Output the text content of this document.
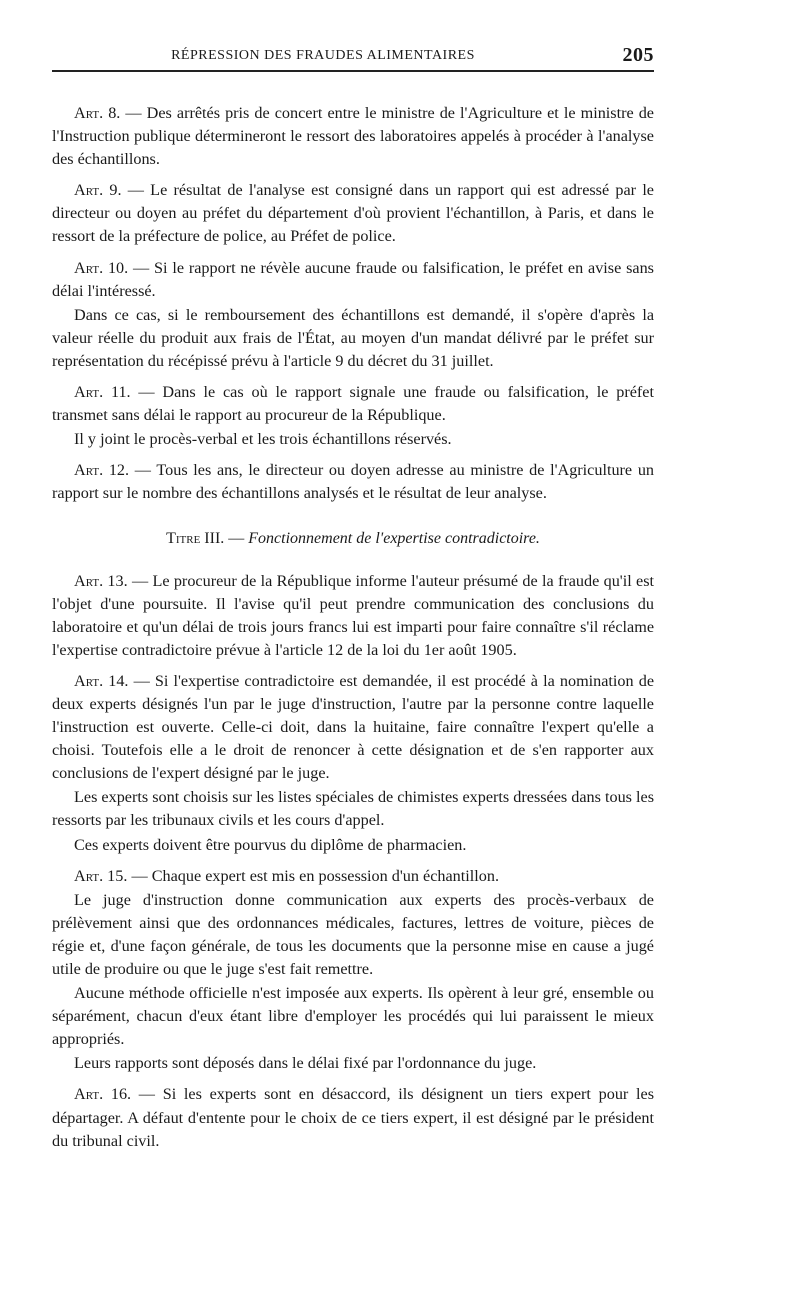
RÉPRESSION DES FRAUDES ALIMENTAIRES	205

Art. 8. — Des arrêtés pris de concert entre le ministre de l'Agriculture et le ministre de l'Instruction publique détermineront le ressort des laboratoires appelés à procéder à l'analyse des échantillons.

Art. 9. — Le résultat de l'analyse est consigné dans un rapport qui est adressé par le directeur ou doyen au préfet du département d'où provient l'échantillon, à Paris, et dans le ressort de la préfecture de police, au Préfet de police.

Art. 10. — Si le rapport ne révèle aucune fraude ou falsification, le préfet en avise sans délai l'intéressé.

Dans ce cas, si le remboursement des échantillons est demandé, il s'opère d'après la valeur réelle du produit aux frais de l'État, au moyen d'un mandat délivré par le préfet sur représentation du récépissé prévu à l'article 9 du décret du 31 juillet.

Art. 11. — Dans le cas où le rapport signale une fraude ou falsification, le préfet transmet sans délai le rapport au procureur de la République.

Il y joint le procès-verbal et les trois échantillons réservés.

Art. 12. — Tous les ans, le directeur ou doyen adresse au ministre de l'Agriculture un rapport sur le nombre des échantillons analysés et le résultat de leur analyse.

Titre III. — Fonctionnement de l'expertise contradictoire.

Art. 13. — Le procureur de la République informe l'auteur présumé de la fraude qu'il est l'objet d'une poursuite. Il l'avise qu'il peut prendre communication des conclusions du laboratoire et qu'un délai de trois jours francs lui est imparti pour faire connaître s'il réclame l'expertise contradictoire prévue à l'article 12 de la loi du 1er août 1905.

Art. 14. — Si l'expertise contradictoire est demandée, il est procédé à la nomination de deux experts désignés l'un par le juge d'instruction, l'autre par la personne contre laquelle l'instruction est ouverte. Celle-ci doit, dans la huitaine, faire connaître l'expert qu'elle a choisi. Toutefois elle a le droit de renoncer à cette désignation et de s'en rapporter aux conclusions de l'expert désigné par le juge.

Les experts sont choisis sur les listes spéciales de chimistes experts dressées dans tous les ressorts par les tribunaux civils et les cours d'appel.

Ces experts doivent être pourvus du diplôme de pharmacien.

Art. 15. — Chaque expert est mis en possession d'un échantillon.

Le juge d'instruction donne communication aux experts des procès-verbaux de prélèvement ainsi que des ordonnances médicales, factures, lettres de voiture, pièces de régie et, d'une façon générale, de tous les documents que la personne mise en cause a jugé utile de produire ou que le juge s'est fait remettre.

Aucune méthode officielle n'est imposée aux experts. Ils opèrent à leur gré, ensemble ou séparément, chacun d'eux étant libre d'employer les procédés qui lui paraissent le mieux appropriés.

Leurs rapports sont déposés dans le délai fixé par l'ordonnance du juge.

Art. 16. — Si les experts sont en désaccord, ils désignent un tiers expert pour les départager. A défaut d'entente pour le choix de ce tiers expert, il est désigné par le président du tribunal civil.
